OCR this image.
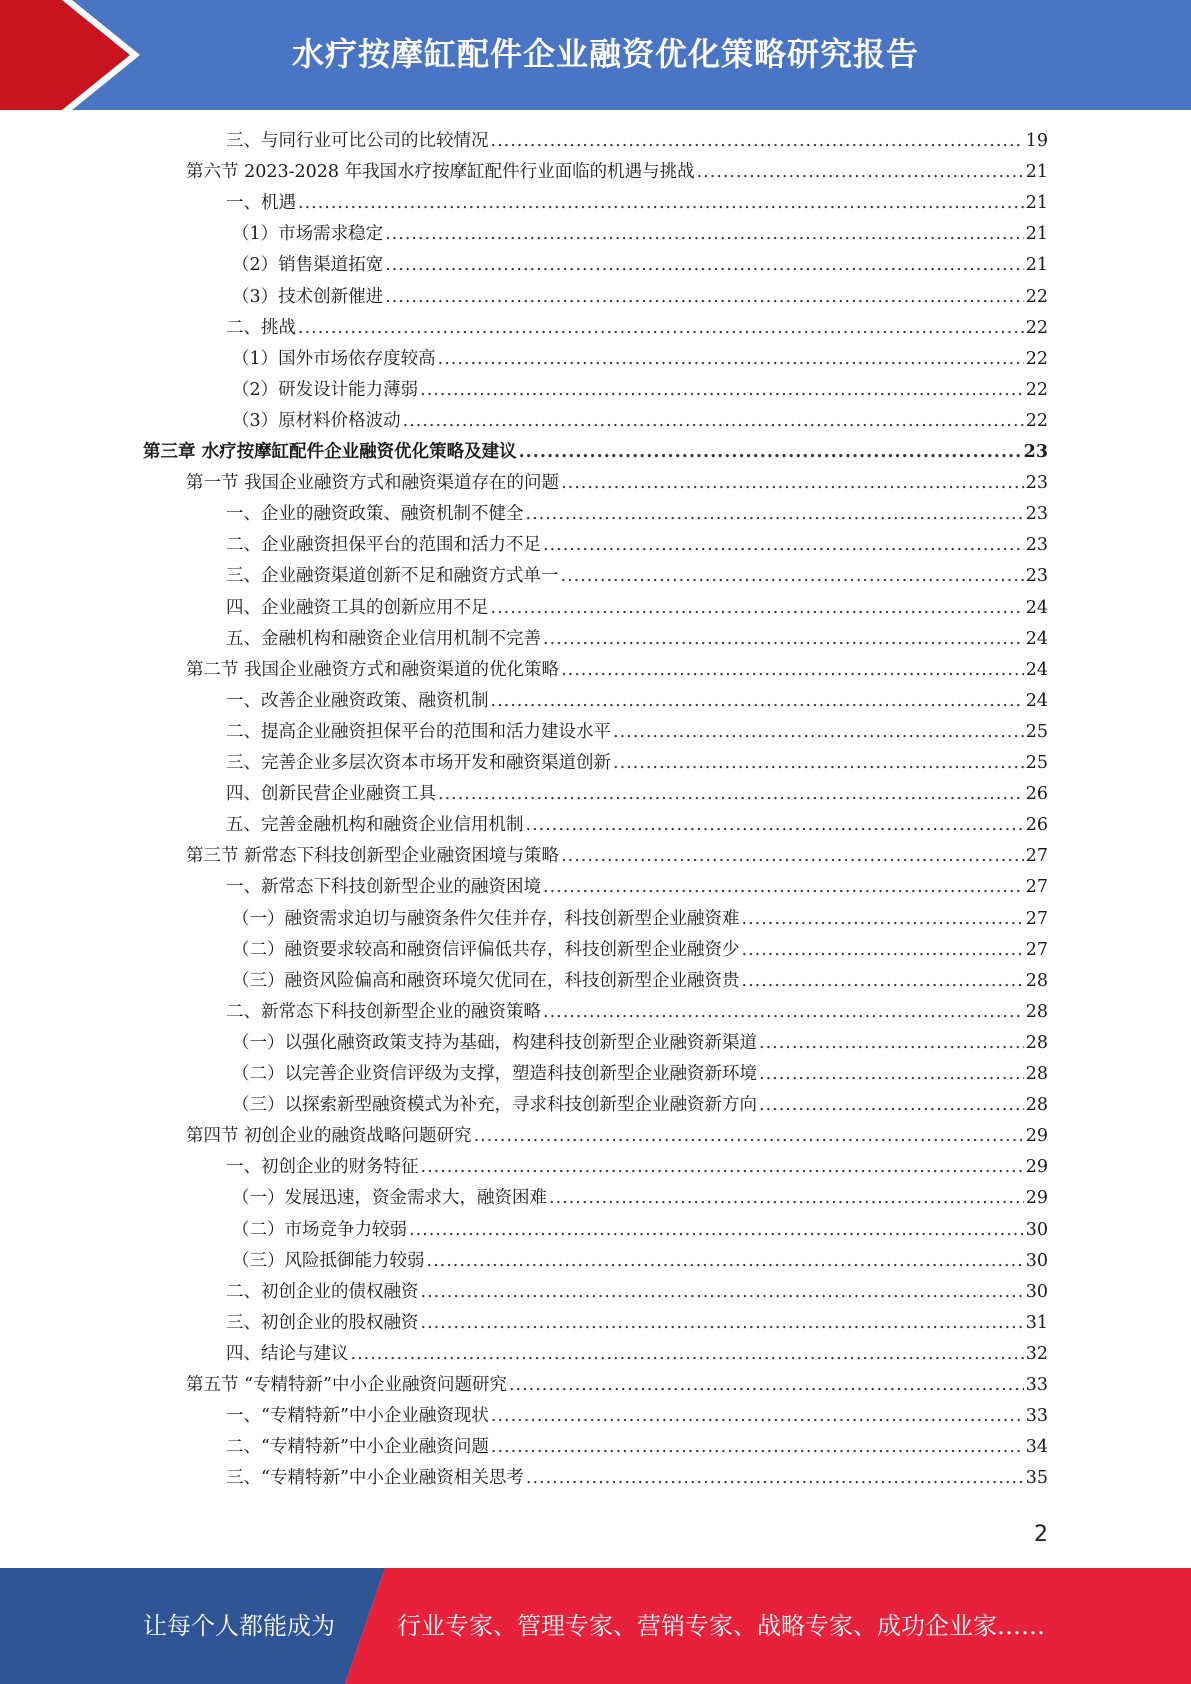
水疗按摩缸配件企业融资优化策略研究报告
三、与同行业可比公司的比较情况 .....	19
第六节 2023-2028 年我国水疗按摩缸配件行业面临的机遇与挑战 .....	21
一、机遇 .....	21
（1）市场需求稳定 .....	21
（2）销售渠道拓宽 .....	21
（3）技术创新催进 .....	22
二、挑战 .....	22
（1）国外市场依存度较高 .....	22
（2）研发设计能力薄弱 .....	22
（3）原材料价格波动 .....	22
第三章 水疗按摩缸配件企业融资优化策略及建议 .....	23
第一节 我国企业融资方式和融资渠道存在的问题 .....	23
一、企业的融资政策、融资机制不健全 .....	23
二、企业融资担保平台的范围和活力不足 .....	23
三、企业融资渠道创新不足和融资方式单一 .....	23
四、企业融资工具的创新应用不足 .....	24
五、金融机构和融资企业信用机制不完善 .....	24
第二节 我国企业融资方式和融资渠道的优化策略 .....	24
一、改善企业融资政策、融资机制 .....	24
二、提高企业融资担保平台的范围和活力建设水平 .....	25
三、完善企业多层次资本市场开发和融资渠道创新 .....	25
四、创新民营企业融资工具 .....	26
五、完善金融机构和融资企业信用机制 .....	26
第三节 新常态下科技创新型企业融资困境与策略 .....	27
一、新常态下科技创新型企业的融资困境 .....	27
（一）融资需求迫切与融资条件欠佳并存，科技创新型企业融资难 .....	27
（二）融资要求较高和融资信评偏低共存，科技创新型企业融资少 .....	27
（三）融资风险偏高和融资环境欠优同在，科技创新型企业融资贵 .....	28
二、新常态下科技创新型企业的融资策略 .....	28
（一）以强化融资政策支持为基础，构建科技创新型企业融资新渠道 .....	28
（二）以完善企业资信评级为支撑，塑造科技创新型企业融资新环境 .....	28
（三）以探索新型融资模式为补充，寻求科技创新型企业融资新方向 .....	28
第四节 初创企业的融资战略问题研究 .....	29
一、初创企业的财务特征 .....	29
（一）发展迅速，资金需求大，融资困难 .....	29
（二）市场竞争力较弱 .....	30
（三）风险抵御能力较弱 .....	30
二、初创企业的债权融资 .....	30
三、初创企业的股权融资 .....	31
四、结论与建议 .....	32
第五节 “专精特新”中小企业融资问题研究 .....	33
一、“专精特新”中小企业融资现状 .....	33
二、“专精特新”中小企业融资问题 .....	34
三、“专精特新”中小企业融资相关思考 .....	35
2
让每个人都能成为	行业专家、管理专家、营销专家、战略专家、成功企业家……
